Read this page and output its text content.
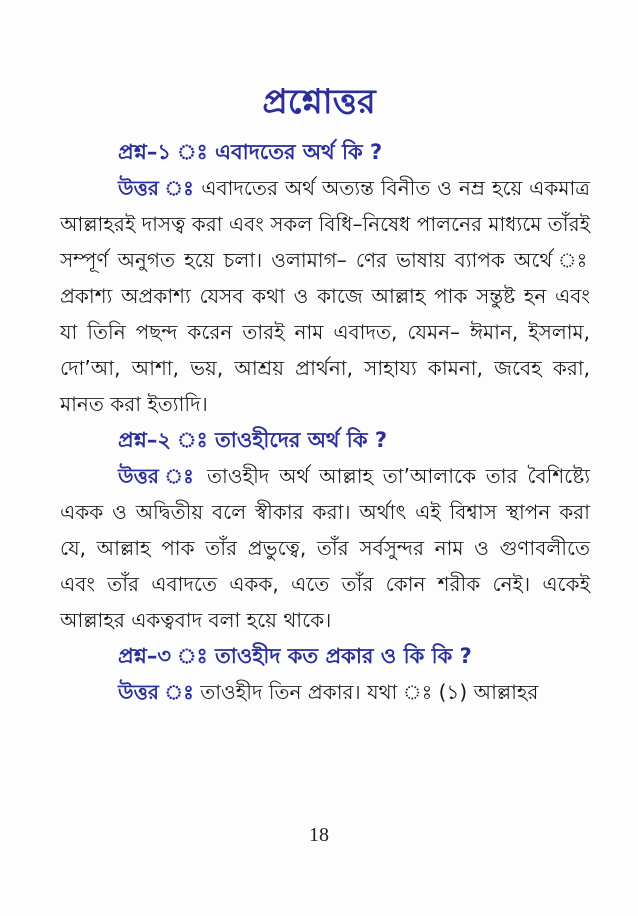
প্রশ্নোত্তর

প্রশ্ন–১ ঃ এবাদতের অর্থ কি ?

উত্তর ঃ এবাদতের অর্থ অত্যন্ত বিনীত ও নম্র হয়ে একমাত্র আল্লাহরই দাসত্ব করা এবং সকল বিধি–নিষেধ পালনের মাধ্যমে তাঁরই সম্পূর্ণ অনুগত হয়ে চলা। ওলামাগ– ণের ভাষায় ব্যাপক অর্থে ঃ প্রকাশ্য অপ্রকাশ্য যেসব কথা ও কাজে আল্লাহ পাক সন্তুষ্ট হন এবং যা তিনি পছন্দ করেন তারই নাম এবাদত, যেমন– ঈমান, ইসলাম, দো’আ, আশা, ভয়, আশ্রয় প্রার্থনা, সাহায্য কামনা, জবেহ করা, মানত করা ইত্যাদি।

প্রশ্ন–২ ঃ তাওহীদের অর্থ কি ?

উত্তর ঃ তাওহীদ অর্থ আল্লাহ তা’আলাকে তার বৈশিষ্ট্যে একক ও অদ্বিতীয় বলে স্বীকার করা। অর্থাৎ এই বিশ্বাস স্থাপন করা যে, আল্লাহ পাক তাঁর প্রভুত্বে, তাঁর সর্বসুন্দর নাম ও গুণাবলীতে এবং তাঁর এবাদতে একক, এতে তাঁর কোন শরীক নেই। একেই আল্লাহর একত্ববাদ বলা হয়ে থাকে।

প্রশ্ন–৩ ঃ তাওহীদ কত প্রকার ও কি কি ?

উত্তর ঃ তাওহীদ তিন প্রকার। যথা ঃ (১) আল্লাহর

18
